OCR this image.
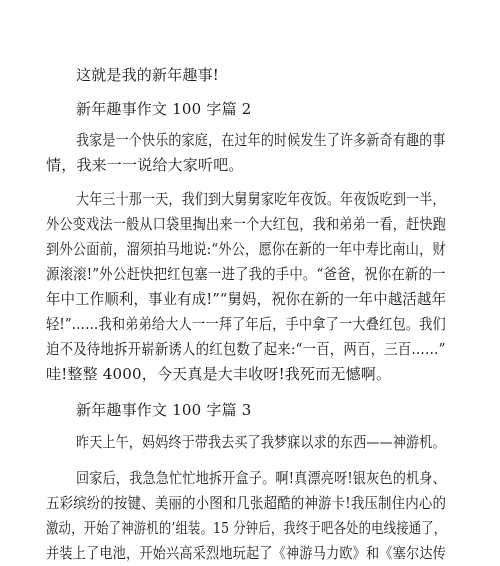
这就是我的新年趣事!
新年趣事作文 100 字篇 2
我家是一个快乐的家庭，在过年的时候发生了许多新奇有趣的事
情，我来一一说给大家听吧。
大年三十那一天，我们到大舅舅家吃年夜饭。年夜饭吃到一半，
外公变戏法一般从口袋里掏出来一个大红包，我和弟弟一看，赶快跑
到外公面前，溜须拍马地说:“外公，愿你在新的一年中寿比南山，财
源滚滚!”外公赶快把红包塞一进了我的手中。“爸爸，祝你在新的一
年中工作顺利，事业有成!”“舅妈，祝你在新的一年中越活越年
轻!”……我和弟弟给大人一一拜了年后，手中拿了一大叠红包。我们
迫不及待地拆开崭新诱人的红包数了起来:“一百，两百，三百……”
哇!整整 4000，今天真是大丰收呀!我死而无憾啊。
新年趣事作文 100 字篇 3
昨天上午，妈妈终于带我去买了我梦寐以求的东西——神游机。
回家后，我急急忙忙地拆开盒子。啊!真漂亮呀!银灰色的机身、
五彩缤纷的按键、美丽的小图和几张超酷的神游卡!我压制住内心的
激动，开始了神游机的’组装。15 分钟后，我终于吧各处的电线接通了，
并装上了电池，开始兴高采烈地玩起了《神游马力欧》和《塞尔达传
